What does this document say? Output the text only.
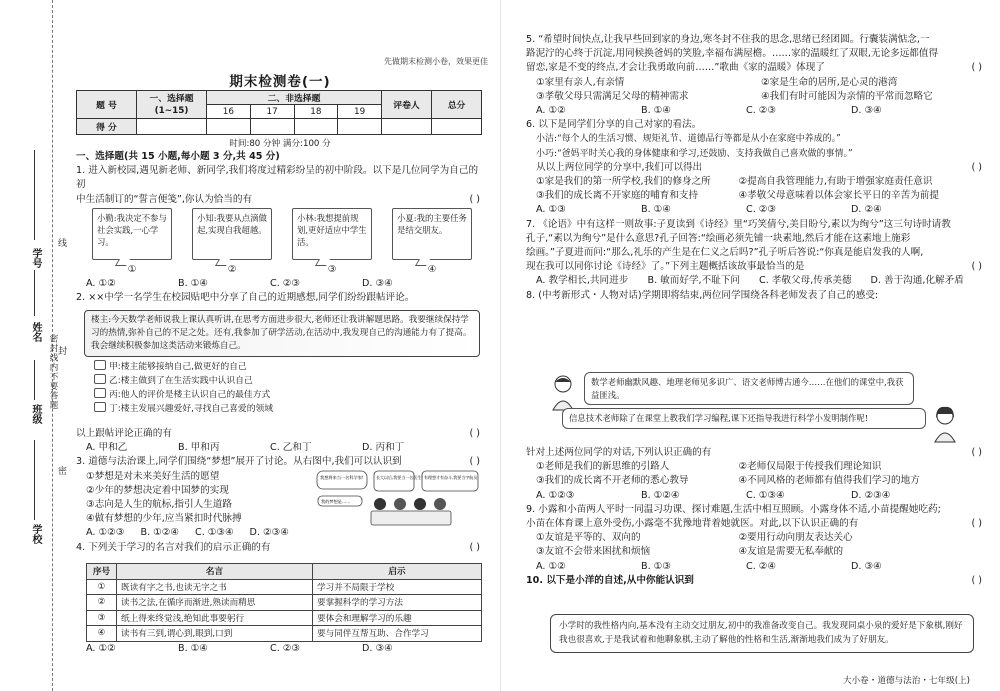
学号
姓名
班级
学校
密封线内不要答题
线
封
密
先做期末检测小卷，效果更佳
期末检测卷(一)
题 号	一、选择题	二、非选择题				评卷人	总分
	(1~15)	16	17	18	19		
得 分							
时间:80 分钟 满分:100 分
一、选择题(共 15 小题,每小题 3 分,共 45 分)
1. 进入新校园,遇见新老师、新同学,我们将度过精彩纷呈的初中阶段。以下是几位同学为自己的初
中生活制订的“誓言便笺”,你认为恰当的有	( )
小勤:我决定不参与社会实践,一心学习。
小知:我要从点滴做起,实现自我超越。
小林:我想提前规划,更好适应中学生活。
小夏:我的主要任务是结交朋友。
①	②	③	④
A. ①②	B. ①④	C. ②③	D. ③④
2. ××中学一名学生在校园贴吧中分享了自己的近期感想,同学们纷纷跟帖评论。
楼主:今天数学老师说我上课认真听讲,在思考方面进步很大,老师还让我讲解题思路。我要继续保持学习的热情,弥补自己的不足之处。还有,我参加了研学活动,在活动中,我发现自己的沟通能力有了提高。我会继续积极参加这类活动来锻炼自己。
甲:楼主能够接纳自己,做更好的自己
乙:楼主做到了在生活实践中认识自己
丙:他人的评价是楼主认识自己的最佳方式
丁:楼主发展兴趣爱好,寻找自己喜爱的领域
以上跟帖评论正确的有	( )
A. 甲和乙	B. 甲和丙	C. 乙和丁	D. 丙和丁
3. 道德与法治课上,同学们围绕“梦想”展开了讨论。从右图中,我们可以认识到	( )
①梦想是对未来美好生活的愿望
②少年的梦想决定着中国梦的实现
③志向是人生的航标,指引人生道路
④做有梦想的少年,应当紧扣时代脉搏
A. ①②③	B. ①②④	C. ①③④	D. ②③④
4. 下列关于学习的名言对我们的启示正确的有	( )
我想将来当一名科学家!
我的梦想是……
长大以后,我要当一名医生! 有理想才有奋斗,我要当宇航员
序号	名言	启示
①	既读有字之书,也读无字之书	学习并不局限于学校
②	读书之法,在循序而渐进,熟读而精思	要掌握科学的学习方法
③	纸上得来终觉浅,绝知此事要躬行	要体会和理解学习的乐趣
④	读书有三到,谓心到,眼到,口到	要与同伴互帮互助、合作学习
A. ①②	B. ①④	C. ②③	D. ③④
5. “希望时间快点,让我早些回到家的身边,寒冬封不住我的思念,思绪已经团圆。行囊装满惦念,一
路泥泞的心终于沉淀,用同候换爸妈的笑脸,幸福布满屋檐。……家的温暖红了双眼,无论多远都值得
留恋,家是不变的终点,才会让我勇敢向前……”歌曲《家的温暖》体现了	( )
①家里有亲人,有亲情	②家是生命的居所,是心灵的港湾
③孝敬父母只需满足父母的精神需求	④我们有时可能因为亲情的平常而忽略它
A. ①②	B. ①④	C. ②③	D. ③④
6. 以下是同学们分享的自己对家的看法。
小洁:“每个人的生活习惯、规矩礼节、道德品行等都是从小在家庭中养成的。”
小巧:“爸妈平时关心我的身体健康和学习,还鼓励、支持我做自己喜欢做的事情。”
从以上两位同学的分享中,我们可以得出	( )
①家是我们的第一所学校,我们的修身之所	②提高自我管理能力,有助于增强家庭责任意识
③我们的成长离不开家庭的哺育和支持	④孝敬父母意味着以体会家长平日的辛苦为前提
A. ①③	B. ①④	C. ②③	D. ②④
7. 《论语》中有这样一则故事:子夏读到《诗经》里“巧笑倩兮,美目盼兮,素以为绚兮”这三句诗时请教
孔子,“素以为绚兮”是什么意思?孔子回答:“绘画必须先铺一块素地,然后才能在这素地上施彩
绘画。”子夏进而问:“那么,礼乐的产生是在仁义之后吗?”孔子听后答说:“你真是能启发我的人啊,
现在我可以同你讨论《诗经》了。”下列主题概括该故事最恰当的是	( )
A. 教学相长,共同进步	B. 敏而好学,不耻下问	C. 孝敬父母,传承美德	D. 善于沟通,化解矛盾
8. (中考新形式・人物对话)学期即将结束,两位同学围绕各科老师发表了自己的感受:
数学老师幽默风趣、地理老师见多识广、语文老师博古通今……在他们的课堂中,我获益匪浅。
信息技术老师除了在课堂上教我们学习编程,课下还指导我进行科学小发明制作呢!
针对上述两位同学的对话,下列认识正确的有	( )
①老师是我们的新思维的引路人	②老师仅局限于传授我们理论知识
③我们的成长离不开老师的悉心教导	④不同风格的老师都有值得我们学习的地方
A. ①②③	B. ①②④	C. ①③④	D. ②③④
9. 小露和小苗两人平时一同温习功课、探讨难题,生活中相互照顾。小露身体不适,小苗提醒她吃药;
小苗在体育课上意外受伤,小露毫不犹豫地背着她就医。对此,以下认识正确的有	( )
①友谊是平等的、双向的	②要用行动向朋友表达关心
③友谊不会带来困扰和烦恼	④友谊是需要无私奉献的
A. ①②	B. ①③	C. ②④	D. ③④
10. 以下是小洋的自述,从中你能认识到	( )
小学时的我性格内向,基本没有主动交过朋友,初中的我准备改变自己。我发现同桌小泉的爱好是下象棋,刚好我也很喜欢,于是我试着和他聊象棋,主动了解他的性格和生活,渐渐地我们成为了好朋友。
大小卷・道德与法治・七年级(上)
